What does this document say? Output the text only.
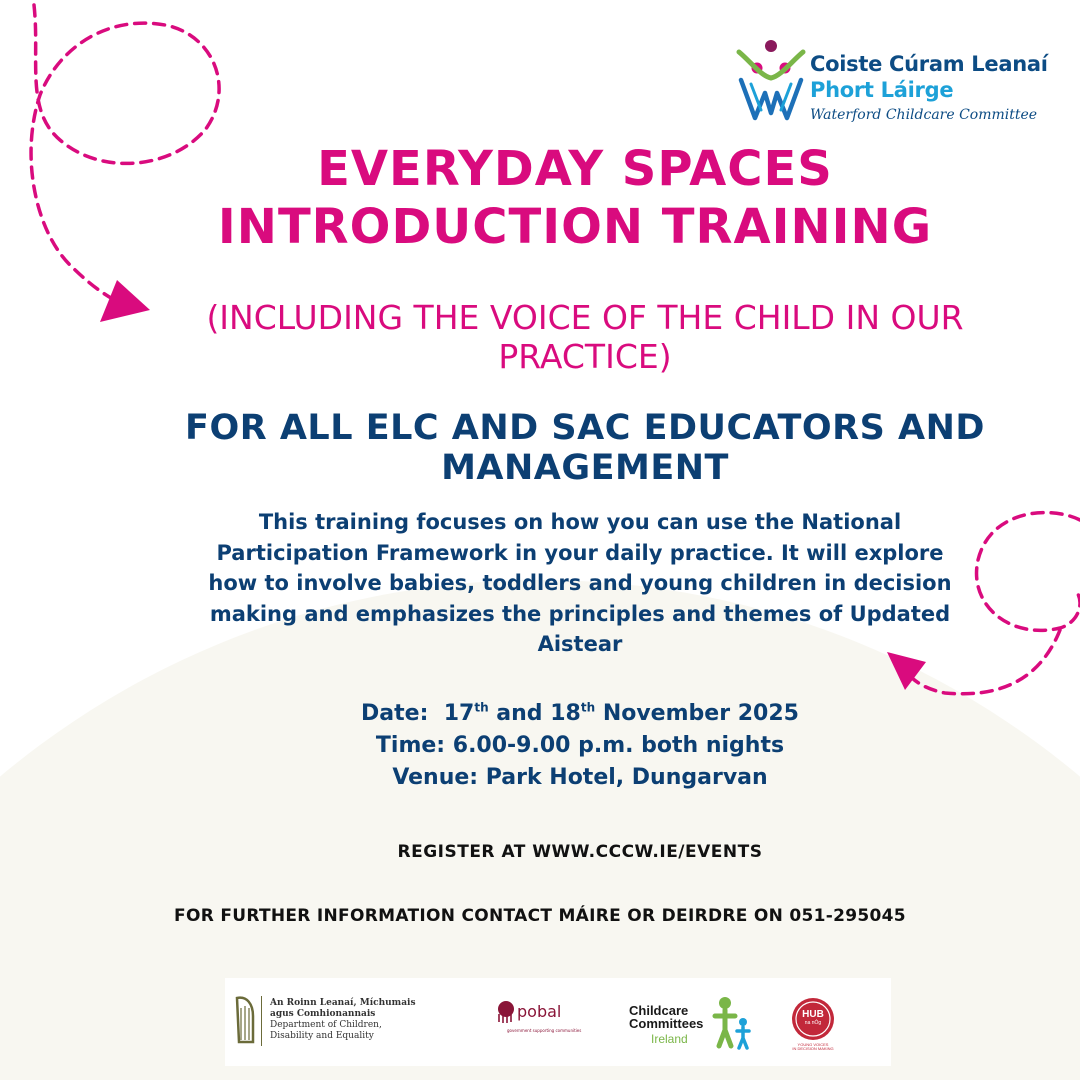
Coiste Cúram Leanaí
Phort Láirge
Waterford Childcare Committee
EVERYDAY SPACES
INTRODUCTION TRAINING

(INCLUDING THE VOICE OF THE CHILD IN OUR PRACTICE)

FOR ALL ELC AND SAC EDUCATORS AND MANAGEMENT

This training focuses on how you can use the National Participation Framework in your daily practice. It will explore how to involve babies, toddlers and young children in decision making and emphasizes the principles and themes of Updated Aistear

Date: 17th and 18th November 2025
Time: 6.00-9.00 p.m. both nights
Venue: Park Hotel, Dungarvan
REGISTER AT WWW.CCCW.IE/EVENTS
FOR FURTHER INFORMATION CONTACT MÁIRE OR DEIRDRE ON 051-295045
An Roinn Leanaí, Míchumais
agus Comhionannais
Department of Children,
Disability and Equality
pobal
government supporting communities
Childcare
Committees
Ireland
HUB
na nÓg
YOUNG VOICES
IN DECISION MAKING
